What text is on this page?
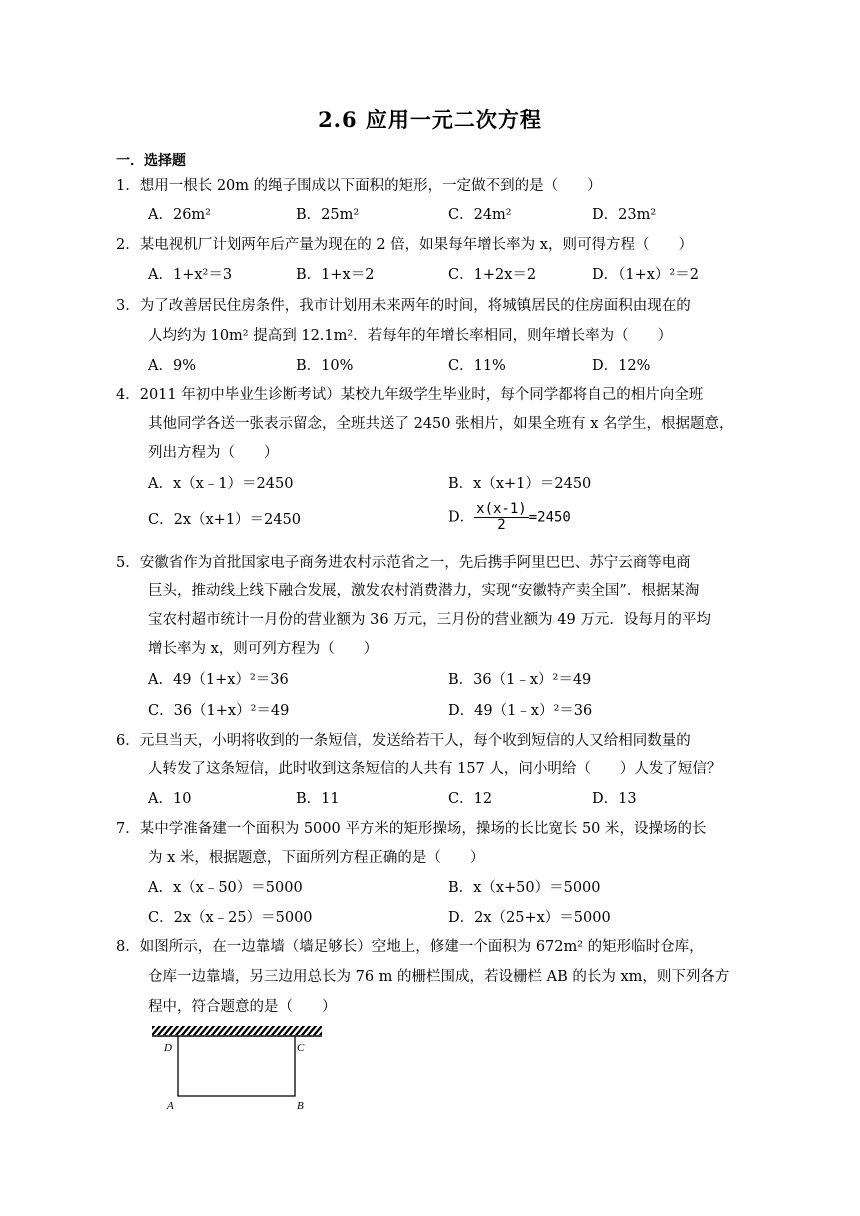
2.6 应用一元二次方程
一．选择题
1．想用一根长 20m 的绳子围成以下面积的矩形，一定做不到的是（　　）
A．26m²	B．25m²	C．24m²	D．23m²
2．某电视机厂计划两年后产量为现在的 2 倍，如果每年增长率为 x，则可得方程（　　）
A．1+x²＝3	B．1+x＝2	C．1+2x＝2	D．（1+x）²＝2
3．为了改善居民住房条件，我市计划用未来两年的时间，将城镇居民的住房面积由现在的
人均约为 10m² 提高到 12.1m²．若每年的年增长率相同，则年增长率为（　　）
A．9%	B．10%	C．11%	D．12%
4．2011 年初中毕业生诊断考试）某校九年级学生毕业时，每个同学都将自己的相片向全班
其他同学各送一张表示留念，全班共送了 2450 张相片，如果全班有 x 名学生，根据题意，
列出方程为（　　）
A．x（x﹣1）＝2450	B．x（x+1）＝2450
C．2x（x+1）＝2450	D． $\frac{x(x-1)}{2} =2450$
5．安徽省作为首批国家电子商务进农村示范省之一，先后携手阿里巴巴、苏宁云商等电商
巨头，推动线上线下融合发展，激发农村消费潜力，实现“安徽特产卖全国”．根据某淘
宝农村超市统计一月份的营业额为 36 万元，三月份的营业额为 49 万元．设每月的平均
增长率为 x，则可列方程为（　　）
A．49（1+x）²＝36	B．36（1﹣x）²＝49
C．36（1+x）²＝49	D．49（1﹣x）²＝36
6．元旦当天，小明将收到的一条短信，发送给若干人，每个收到短信的人又给相同数量的
人转发了这条短信，此时收到这条短信的人共有 157 人，问小明给（　　）人发了短信？
A．10	B．11	C．12	D．13
7．某中学准备建一个面积为 5000 平方米的矩形操场，操场的长比宽长 50 米，设操场的长
为 x 米，根据题意，下面所列方程正确的是（　　）
A．x（x﹣50）＝5000	B．x（x+50）＝5000
C．2x（x﹣25）＝5000	D．2x（25+x）＝5000
8．如图所示，在一边靠墙（墙足够长）空地上，修建一个面积为 672m² 的矩形临时仓库，
仓库一边靠墙，另三边用总长为 76 m 的栅栏围成，若设栅栏 AB 的长为 xm，则下列各方
程中，符合题意的是（　　）
D	C
A	B
